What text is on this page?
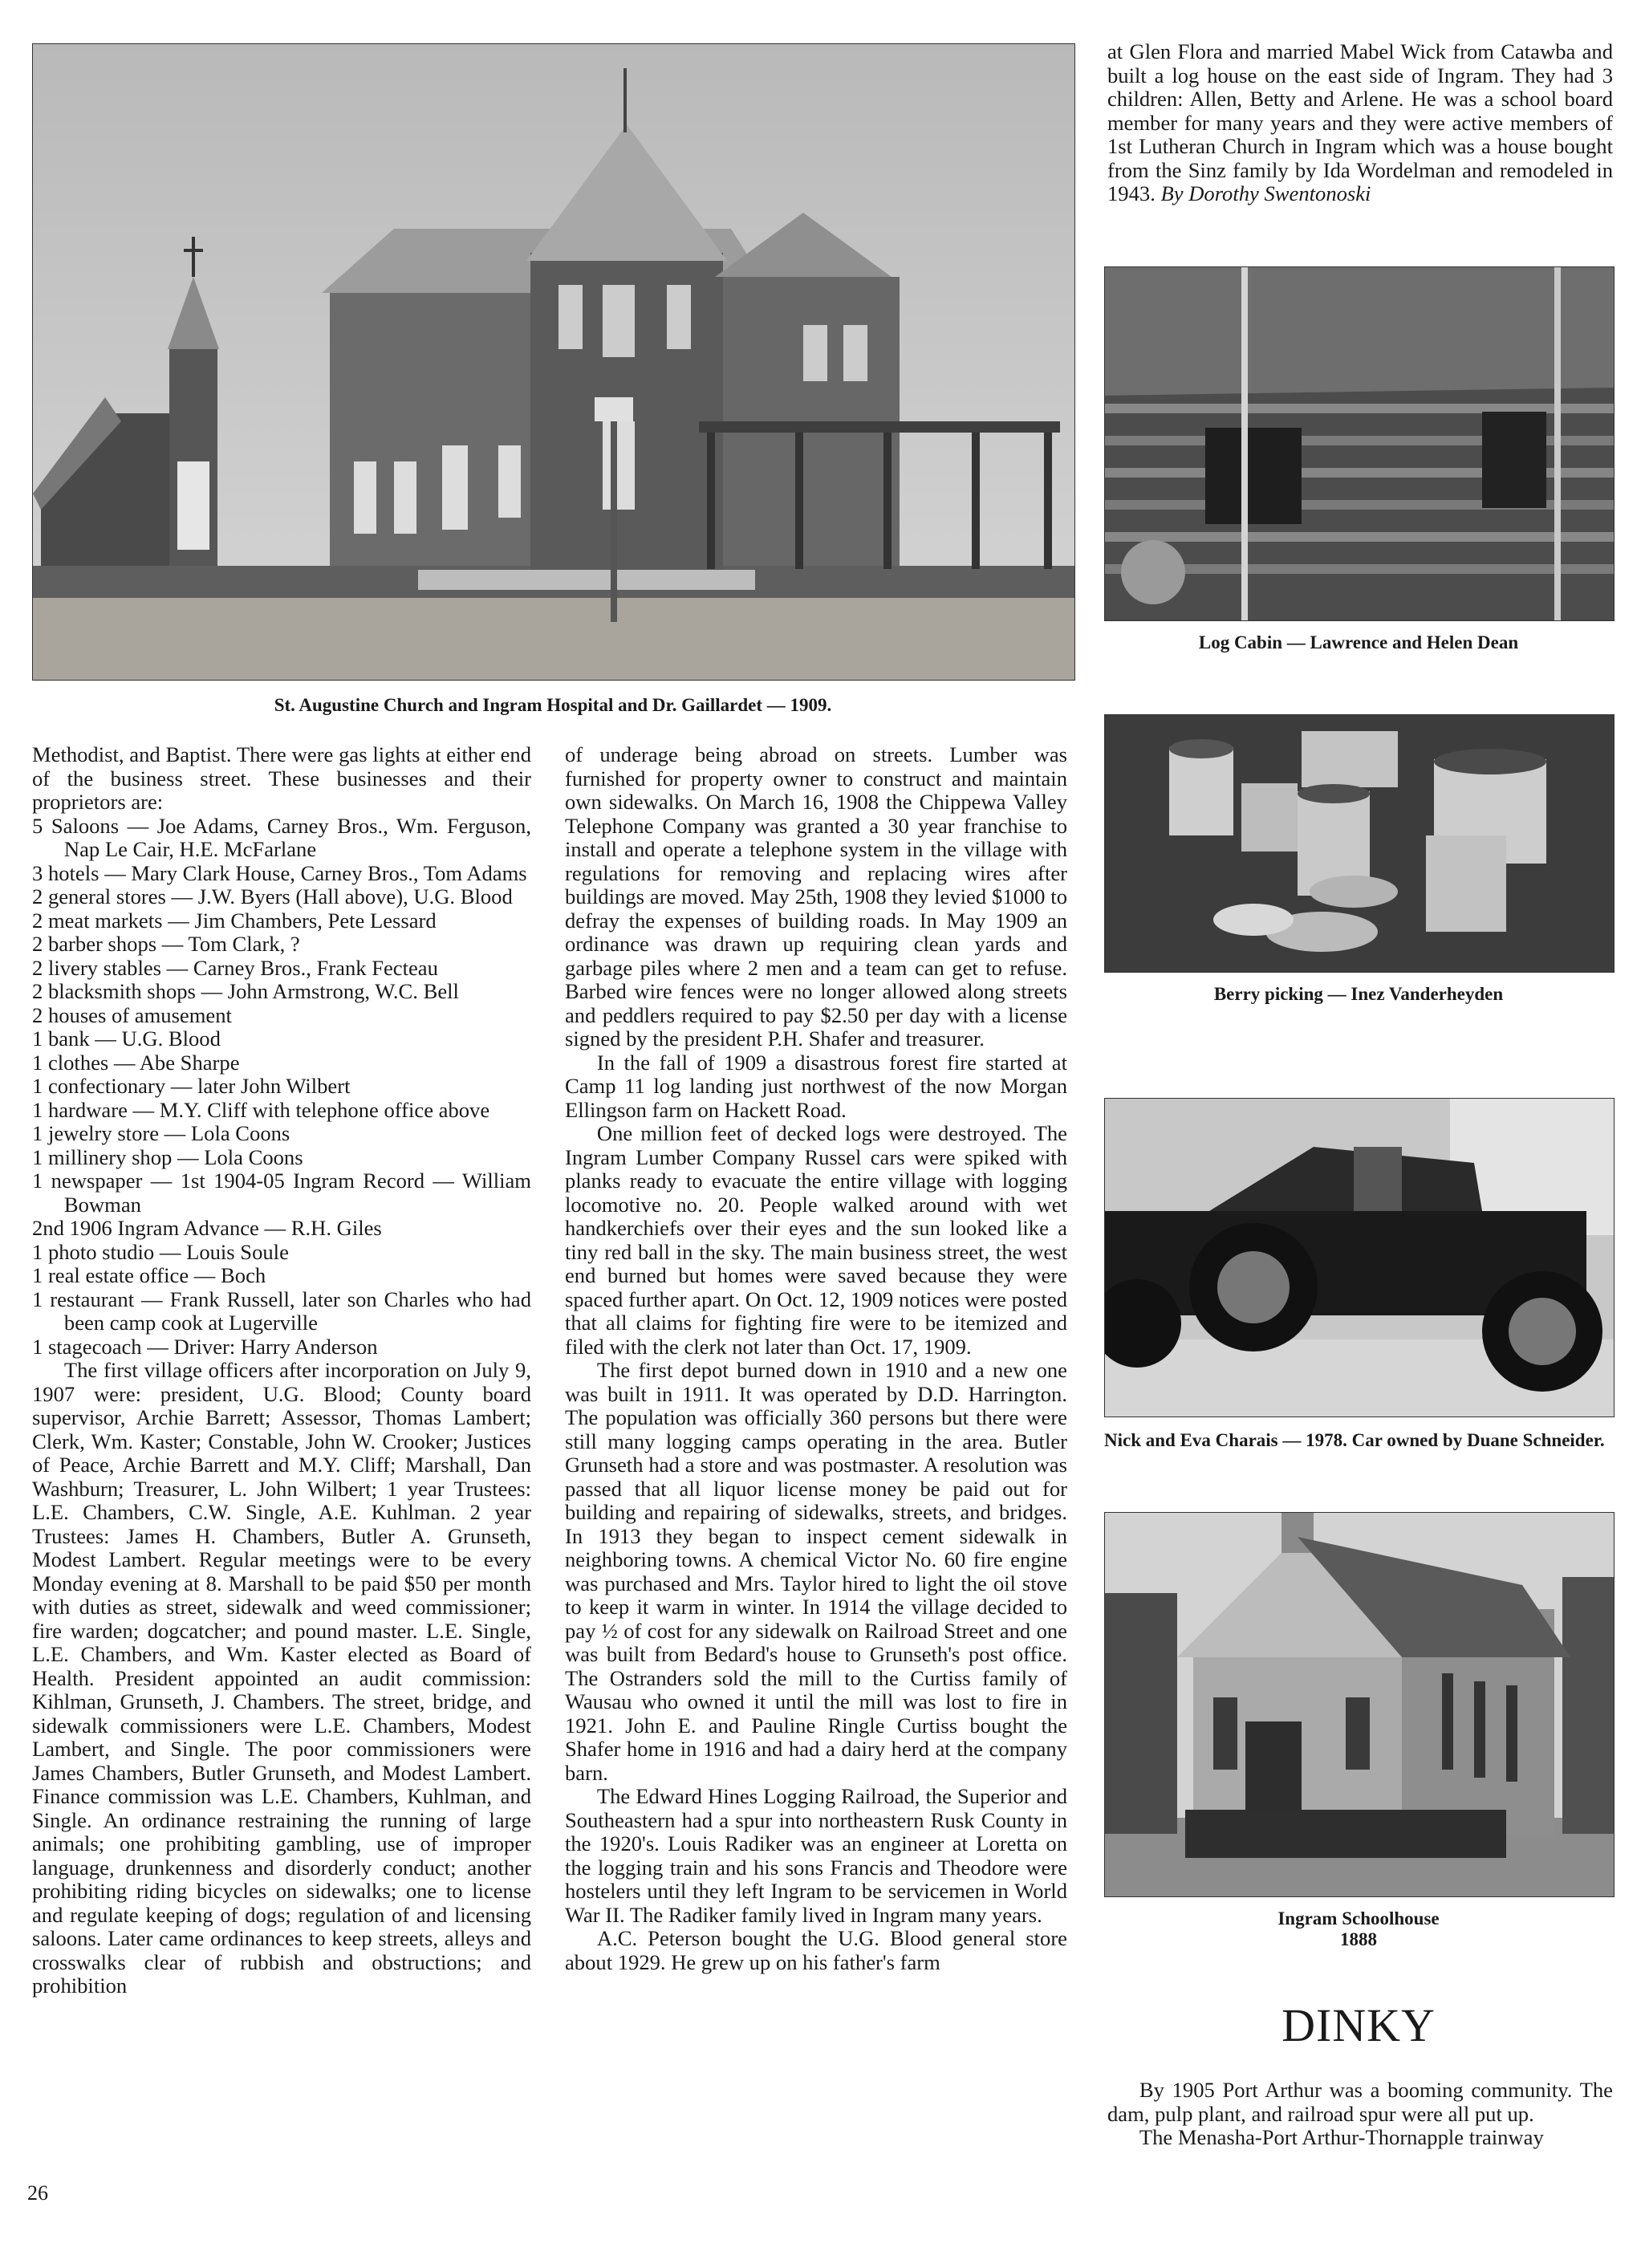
St. Augustine Church and Ingram Hospital and Dr. Gaillardet — 1909.
Log Cabin — Lawrence and Helen Dean
Berry picking — Inez Vanderheyden
Nick and Eva Charais — 1978. Car owned by Duane Schneider.
Ingram Schoolhouse
1888

Methodist, and Baptist. There were gas lights at either end of the business street. These businesses and their proprietors are:

5 Saloons — Joe Adams, Carney Bros., Wm. Ferguson, Nap Le Cair, H.E. McFarlane

3 hotels — Mary Clark House, Carney Bros., Tom Adams

2 general stores — J.W. Byers (Hall above), U.G. Blood

2 meat markets — Jim Chambers, Pete Lessard

2 barber shops — Tom Clark, ?

2 livery stables — Carney Bros., Frank Fecteau

2 blacksmith shops — John Armstrong, W.C. Bell

2 houses of amusement

1 bank — U.G. Blood

1 clothes — Abe Sharpe

1 confectionary — later John Wilbert

1 hardware — M.Y. Cliff with telephone office above

1 jewelry store — Lola Coons

1 millinery shop — Lola Coons

1 newspaper — 1st 1904-05 Ingram Record — William Bowman

2nd 1906 Ingram Advance — R.H. Giles

1 photo studio — Louis Soule

1 real estate office — Boch

1 restaurant — Frank Russell, later son Charles who had been camp cook at Lugerville

1 stagecoach — Driver: Harry Anderson

The first village officers after incorporation on July 9, 1907 were: president, U.G. Blood; County board supervisor, Archie Barrett; Assessor, Thomas Lambert; Clerk, Wm. Kaster; Constable, John W. Crooker; Justices of Peace, Archie Barrett and M.Y. Cliff; Marshall, Dan Washburn; Treasurer, L. John Wilbert; 1 year Trustees: L.E. Chambers, C.W. Single, A.E. Kuhlman. 2 year Trustees: James H. Chambers, Butler A. Grunseth, Modest Lambert. Regular meetings were to be every Monday evening at 8. Marshall to be paid $50 per month with duties as street, sidewalk and weed commissioner; fire warden; dogcatcher; and pound master. L.E. Single, L.E. Chambers, and Wm. Kaster elected as Board of Health. President appointed an audit commission: Kihlman, Grunseth, J. Chambers. The street, bridge, and sidewalk commissioners were L.E. Chambers, Modest Lambert, and Single. The poor commissioners were James Chambers, Butler Grunseth, and Modest Lambert. Finance commission was L.E. Chambers, Kuhlman, and Single. An ordinance restraining the running of large animals; one prohibiting gambling, use of improper language, drunkenness and disorderly conduct; another prohibiting riding bicycles on sidewalks; one to license and regulate keeping of dogs; regulation of and licensing saloons. Later came ordinances to keep streets, alleys and crosswalks clear of rubbish and obstructions; and prohibition

of underage being abroad on streets. Lumber was furnished for property owner to construct and maintain own sidewalks. On March 16, 1908 the Chippewa Valley Telephone Company was granted a 30 year franchise to install and operate a telephone system in the village with regulations for removing and replacing wires after buildings are moved. May 25th, 1908 they levied $1000 to defray the expenses of building roads. In May 1909 an ordinance was drawn up requiring clean yards and garbage piles where 2 men and a team can get to refuse. Barbed wire fences were no longer allowed along streets and peddlers required to pay $2.50 per day with a license signed by the president P.H. Shafer and treasurer.

In the fall of 1909 a disastrous forest fire started at Camp 11 log landing just northwest of the now Morgan Ellingson farm on Hackett Road.

One million feet of decked logs were destroyed. The Ingram Lumber Company Russel cars were spiked with planks ready to evacuate the entire village with logging locomotive no. 20. People walked around with wet handkerchiefs over their eyes and the sun looked like a tiny red ball in the sky. The main business street, the west end burned but homes were saved because they were spaced further apart. On Oct. 12, 1909 notices were posted that all claims for fighting fire were to be itemized and filed with the clerk not later than Oct. 17, 1909.

The first depot burned down in 1910 and a new one was built in 1911. It was operated by D.D. Harrington. The population was officially 360 persons but there were still many logging camps operating in the area. Butler Grunseth had a store and was postmaster. A resolution was passed that all liquor license money be paid out for building and repairing of sidewalks, streets, and bridges. In 1913 they began to inspect cement sidewalk in neighboring towns. A chemical Victor No. 60 fire engine was purchased and Mrs. Taylor hired to light the oil stove to keep it warm in winter. In 1914 the village decided to pay ½ of cost for any sidewalk on Railroad Street and one was built from Bedard's house to Grunseth's post office. The Ostranders sold the mill to the Curtiss family of Wausau who owned it until the mill was lost to fire in 1921. John E. and Pauline Ringle Curtiss bought the Shafer home in 1916 and had a dairy herd at the company barn.

The Edward Hines Logging Railroad, the Superior and Southeastern had a spur into northeastern Rusk County in the 1920's. Louis Radiker was an engineer at Loretta on the logging train and his sons Francis and Theodore were hostelers until they left Ingram to be servicemen in World War II. The Radiker family lived in Ingram many years.

A.C. Peterson bought the U.G. Blood general store about 1929. He grew up on his father's farm

at Glen Flora and married Mabel Wick from Catawba and built a log house on the east side of Ingram. They had 3 children: Allen, Betty and Arlene. He was a school board member for many years and they were active members of 1st Lutheran Church in Ingram which was a house bought from the Sinz family by Ida Wordelman and remodeled in 1943. By Dorothy Swentonoski

DINKY

By 1905 Port Arthur was a booming community. The dam, pulp plant, and railroad spur were all put up.

The Menasha-Port Arthur-Thornapple trainway

26
